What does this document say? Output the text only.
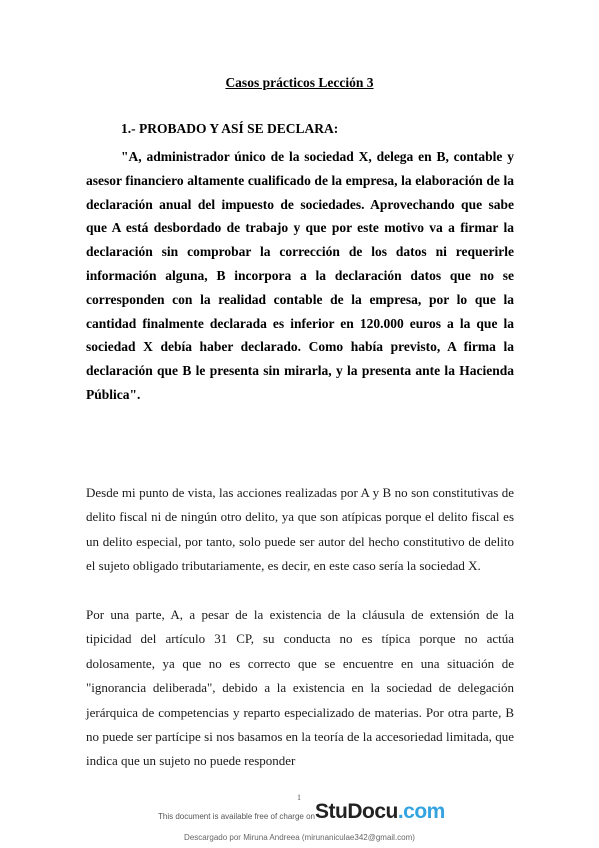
Casos prácticos Lección 3
1.- PROBADO Y ASÍ SE DECLARA:

"A, administrador único de la sociedad X, delega en B, contable y asesor financiero altamente cualificado de la empresa, la elaboración de la declaración anual del impuesto de sociedades. Aprovechando que sabe que A está desbordado de trabajo y que por este motivo va a firmar la declaración sin comprobar la corrección de los datos ni requerirle información alguna, B incorpora a la declaración datos que no se corresponden con la realidad contable de la empresa, por lo que la cantidad finalmente declarada es inferior en 120.000 euros a la que la sociedad X debía haber declarado. Como había previsto, A firma la declaración que B le presenta sin mirarla, y la presenta ante la Hacienda Pública".

Desde mi punto de vista, las acciones realizadas por A y B no son constitutivas de delito fiscal ni de ningún otro delito, ya que son atípicas porque el delito fiscal es un delito especial, por tanto, solo puede ser autor del hecho constitutivo de delito el sujeto obligado tributariamente, es decir, en este caso sería la sociedad X.

Por una parte, A, a pesar de la existencia de la cláusula de extensión de la tipicidad del artículo 31 CP, su conducta no es típica porque no actúa dolosamente, ya que no es correcto que se encuentre en una situación de "ignorancia deliberada", debido a la existencia en la sociedad de delegación jerárquica de competencias y reparto especializado de materias. Por otra parte, B no puede ser partícipe si nos basamos en la teoría de la accesoriedad limitada, que indica que un sujeto no puede responder

1
This document is available free of charge on StuDocu.com
Descargado por Miruna Andreea (mirunaniculae342@gmail.com)
